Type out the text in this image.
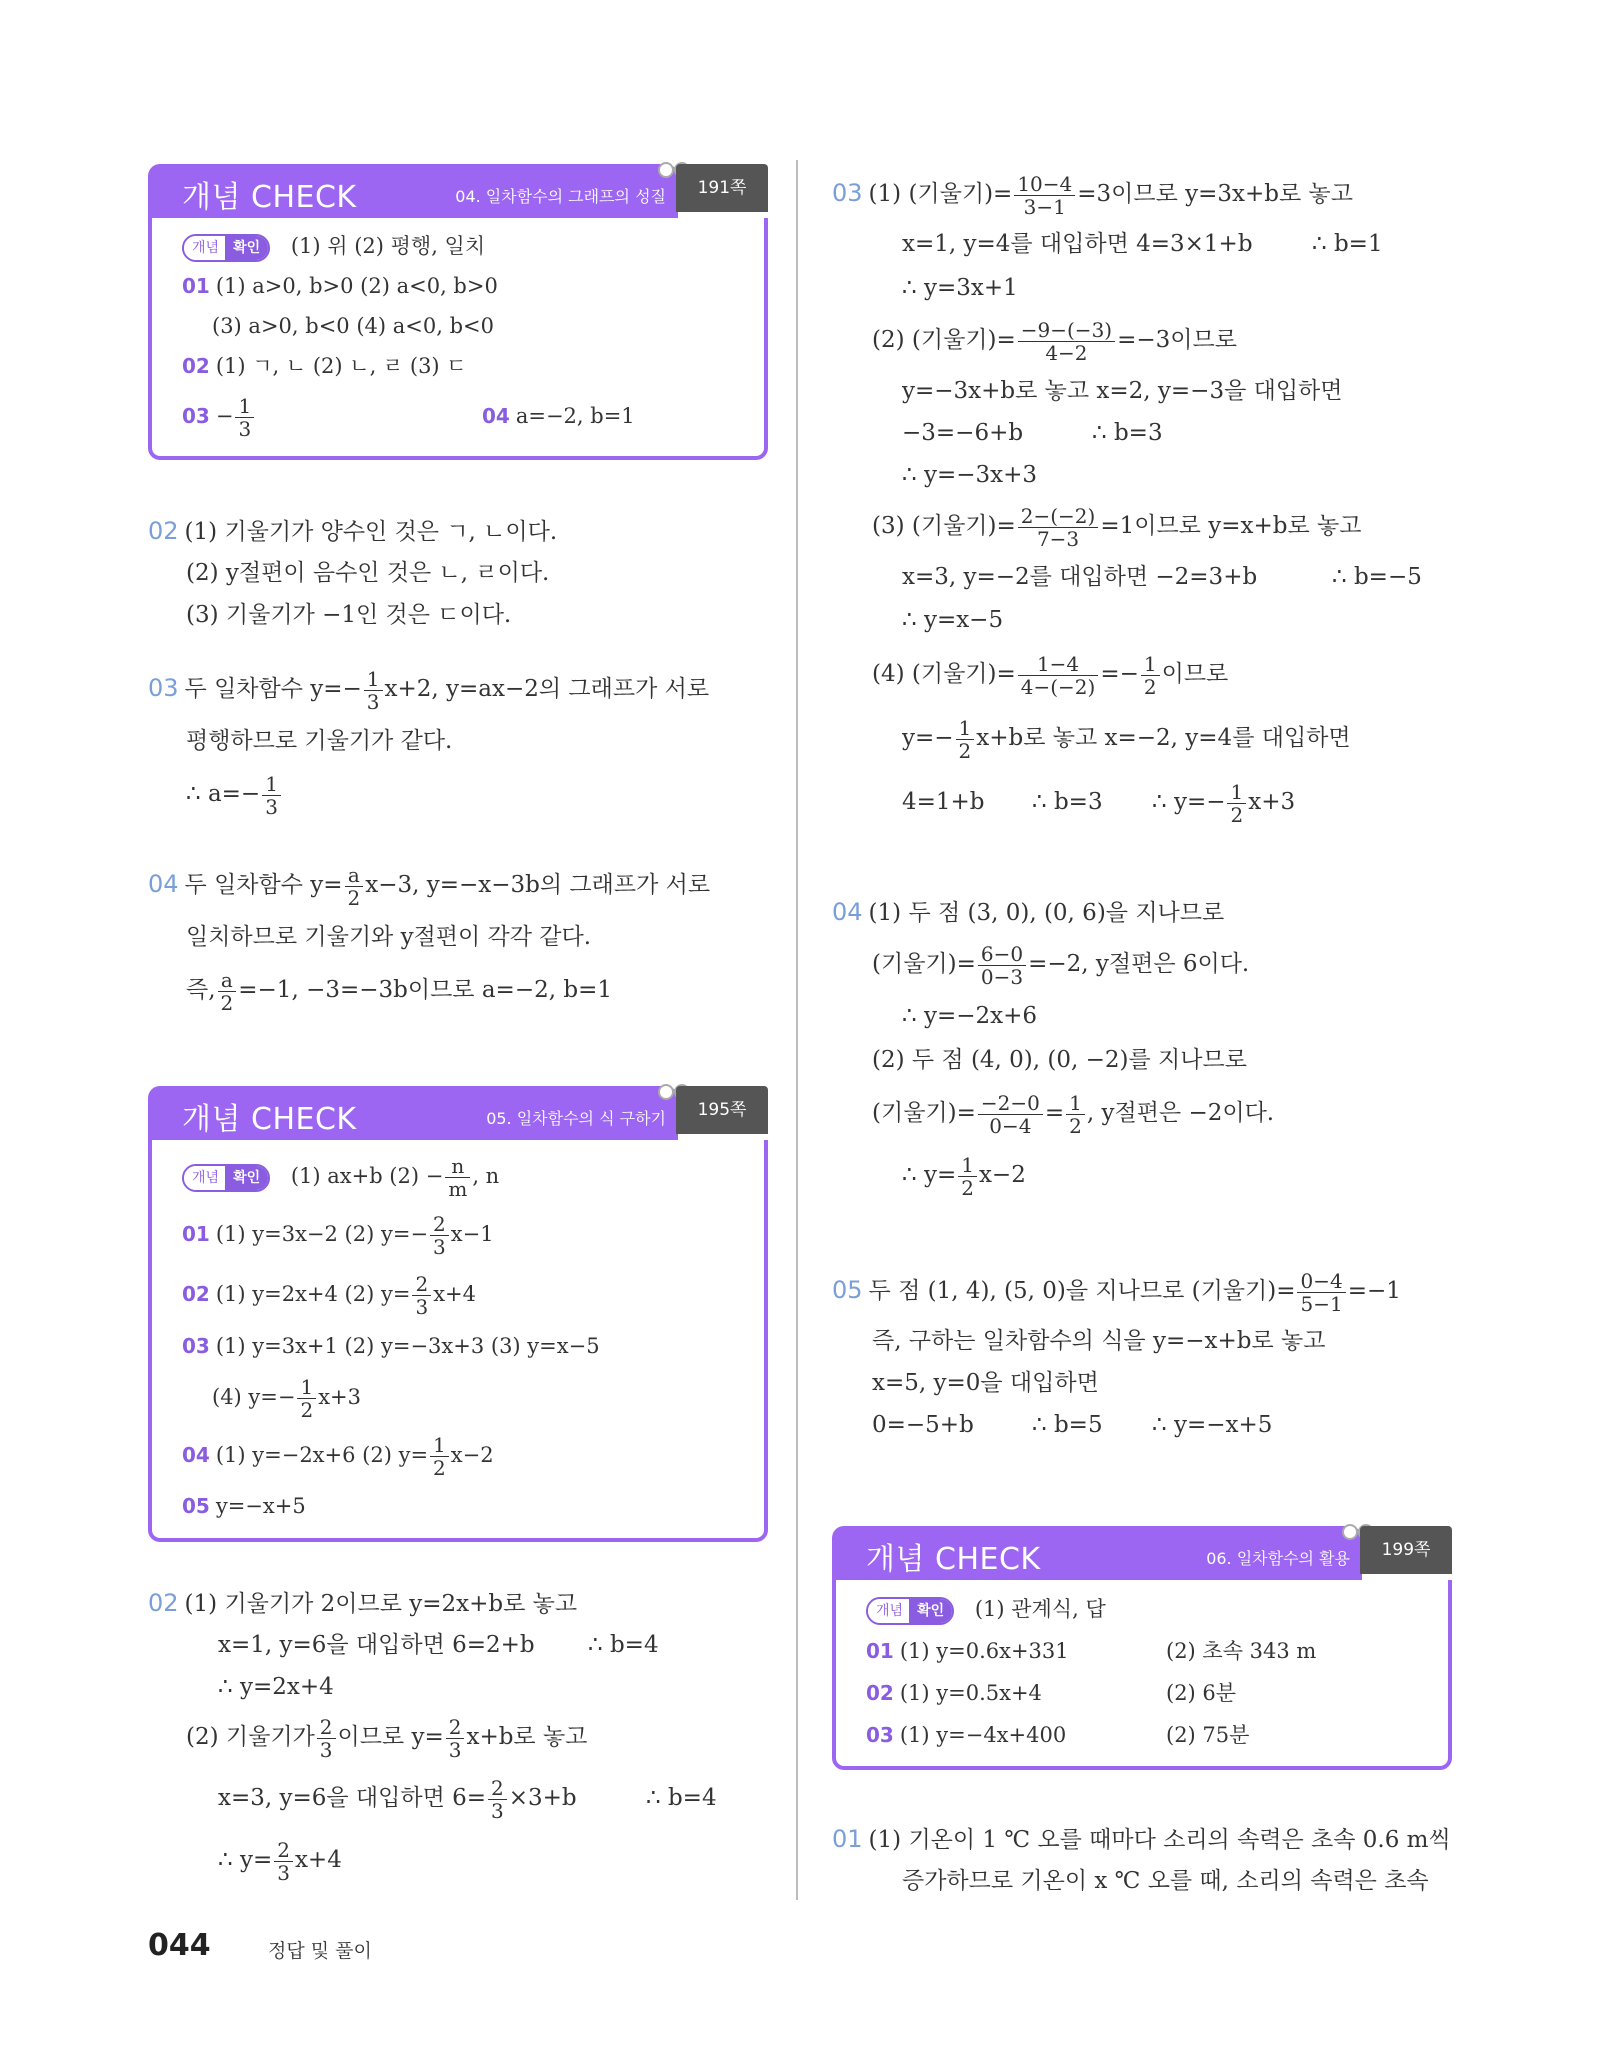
개념 CHECK	04. 일차함수의 그래프의 성질	191쪽
개념 확인 (1) 위 (2) 평행, 일치
01 (1) a>0, b>0 (2) a<0, b>0
(3) a>0, b<0 (4) a<0, b<0
02 (1) ㄱ, ㄴ (2) ㄴ, ㄹ (3) ㄷ
$03 - \frac{1}{3}$	04 a=−2, b=1
02 (1) 기울기가 양수인 것은 ㄱ, ㄴ이다.
(2) y절편이 음수인 것은 ㄴ, ㄹ이다.
(3) 기울기가 −1인 것은 ㄷ이다.
03 두 일차함수 $y=- \frac{1}{3} x+2$, y=ax−2의 그래프가 서로
평행하므로 기울기가 같다.
∴ $a=- \frac{1}{3}$
04 두 일차함수 $y= \frac{a}{2} x-3$, y=−x−3b의 그래프가 서로
일치하므로 기울기와 y절편이 각각 같다.
즉, $\frac{a}{2} =-1$, −3=−3b이므로 a=−2, b=1
개념 CHECK	05. 일차함수의 식 구하기	195쪽
개념 확인 (1) ax+b $(2) - \frac{n}{m}$ , n
01 (1) y=3x−2 (2) $y=- \frac{2}{3} x-1$
02 (1) y=2x+4 (2) $y= \frac{2}{3} x+4$
03 (1) y=3x+1 (2) y=−3x+3 (3) y=x−5
(4) $y=- \frac{1}{2} x+3$
04 (1) y=−2x+6 (2) $y= \frac{1}{2} x-2$
05 y=−x+5
02 (1) 기울기가 2이므로 y=2x+b로 놓고
x=1, y=6을 대입하면 6=2+b ∴ b=4
∴ y=2x+4
(2) 기울기가 $\frac{2}{3}$ 이므로 $y= \frac{2}{3} x+b$로 놓고
x=3, y=6을 대입하면 $6= \frac{2}{3} \times 3+b$	∴ b=4
∴ $y= \frac{2}{3} x+4$
03 (1) (기울기)= $\frac{10-4}{3-1} =3$이므로 y=3x+b로 놓고
x=1, y=4를 대입하면 4=3×1+b	∴ b=1
∴ y=3x+1
(2) (기울기)= $\frac{-9-(-3)}{4-2} =-3$이므로
y=−3x+b로 놓고 x=2, y=−3을 대입하면
−3=−6+b	∴ b=3
∴ y=−3x+3
(3) (기울기)= $\frac{2-(-2)}{7-3} =1$이므로 y=x+b로 놓고
x=3, y=−2를 대입하면 −2=3+b	∴ b=−5
∴ y=x−5
(4) (기울기)= $\frac{1-4}{4-(-2)} =- \frac{1}{2}$ 이므로
$y=- \frac{1}{2} x+b$로 놓고 x=−2, y=4를 대입하면
4=1+b ∴ b=3 ∴ $y=- \frac{1}{2} x+3$
04 (1) 두 점 (3, 0), (0, 6)을 지나므로
(기울기)= $\frac{6-0}{0-3} =-2$, y절편은 6이다.
∴ y=−2x+6
(2) 두 점 (4, 0), (0, −2)를 지나므로
(기울기)= $\frac{-2-0}{0-4} = \frac{1}{2}$ , y절편은 −2이다.
∴ $y= \frac{1}{2} x-2$
05 두 점 (1, 4), (5, 0)을 지나므로 (기울기)= $\frac{0-4}{5-1} =-1$
즉, 구하는 일차함수의 식을 y=−x+b로 놓고
x=5, y=0을 대입하면
0=−5+b	∴ b=5 ∴ y=−x+5
개념 CHECK	06. 일차함수의 활용	199쪽
개념 확인 (1) 관계식, 답
01 (1) y=0.6x+331	(2) 초속 343 m
02 (1) y=0.5x+4	(2) 6분
03 (1) y=−4x+400	(2) 75분
01 (1) 기온이 1 ℃ 오를 때마다 소리의 속력은 초속 0.6 m씩
증가하므로 기온이 x ℃ 오를 때, 소리의 속력은 초속
044	정답 및 풀이
